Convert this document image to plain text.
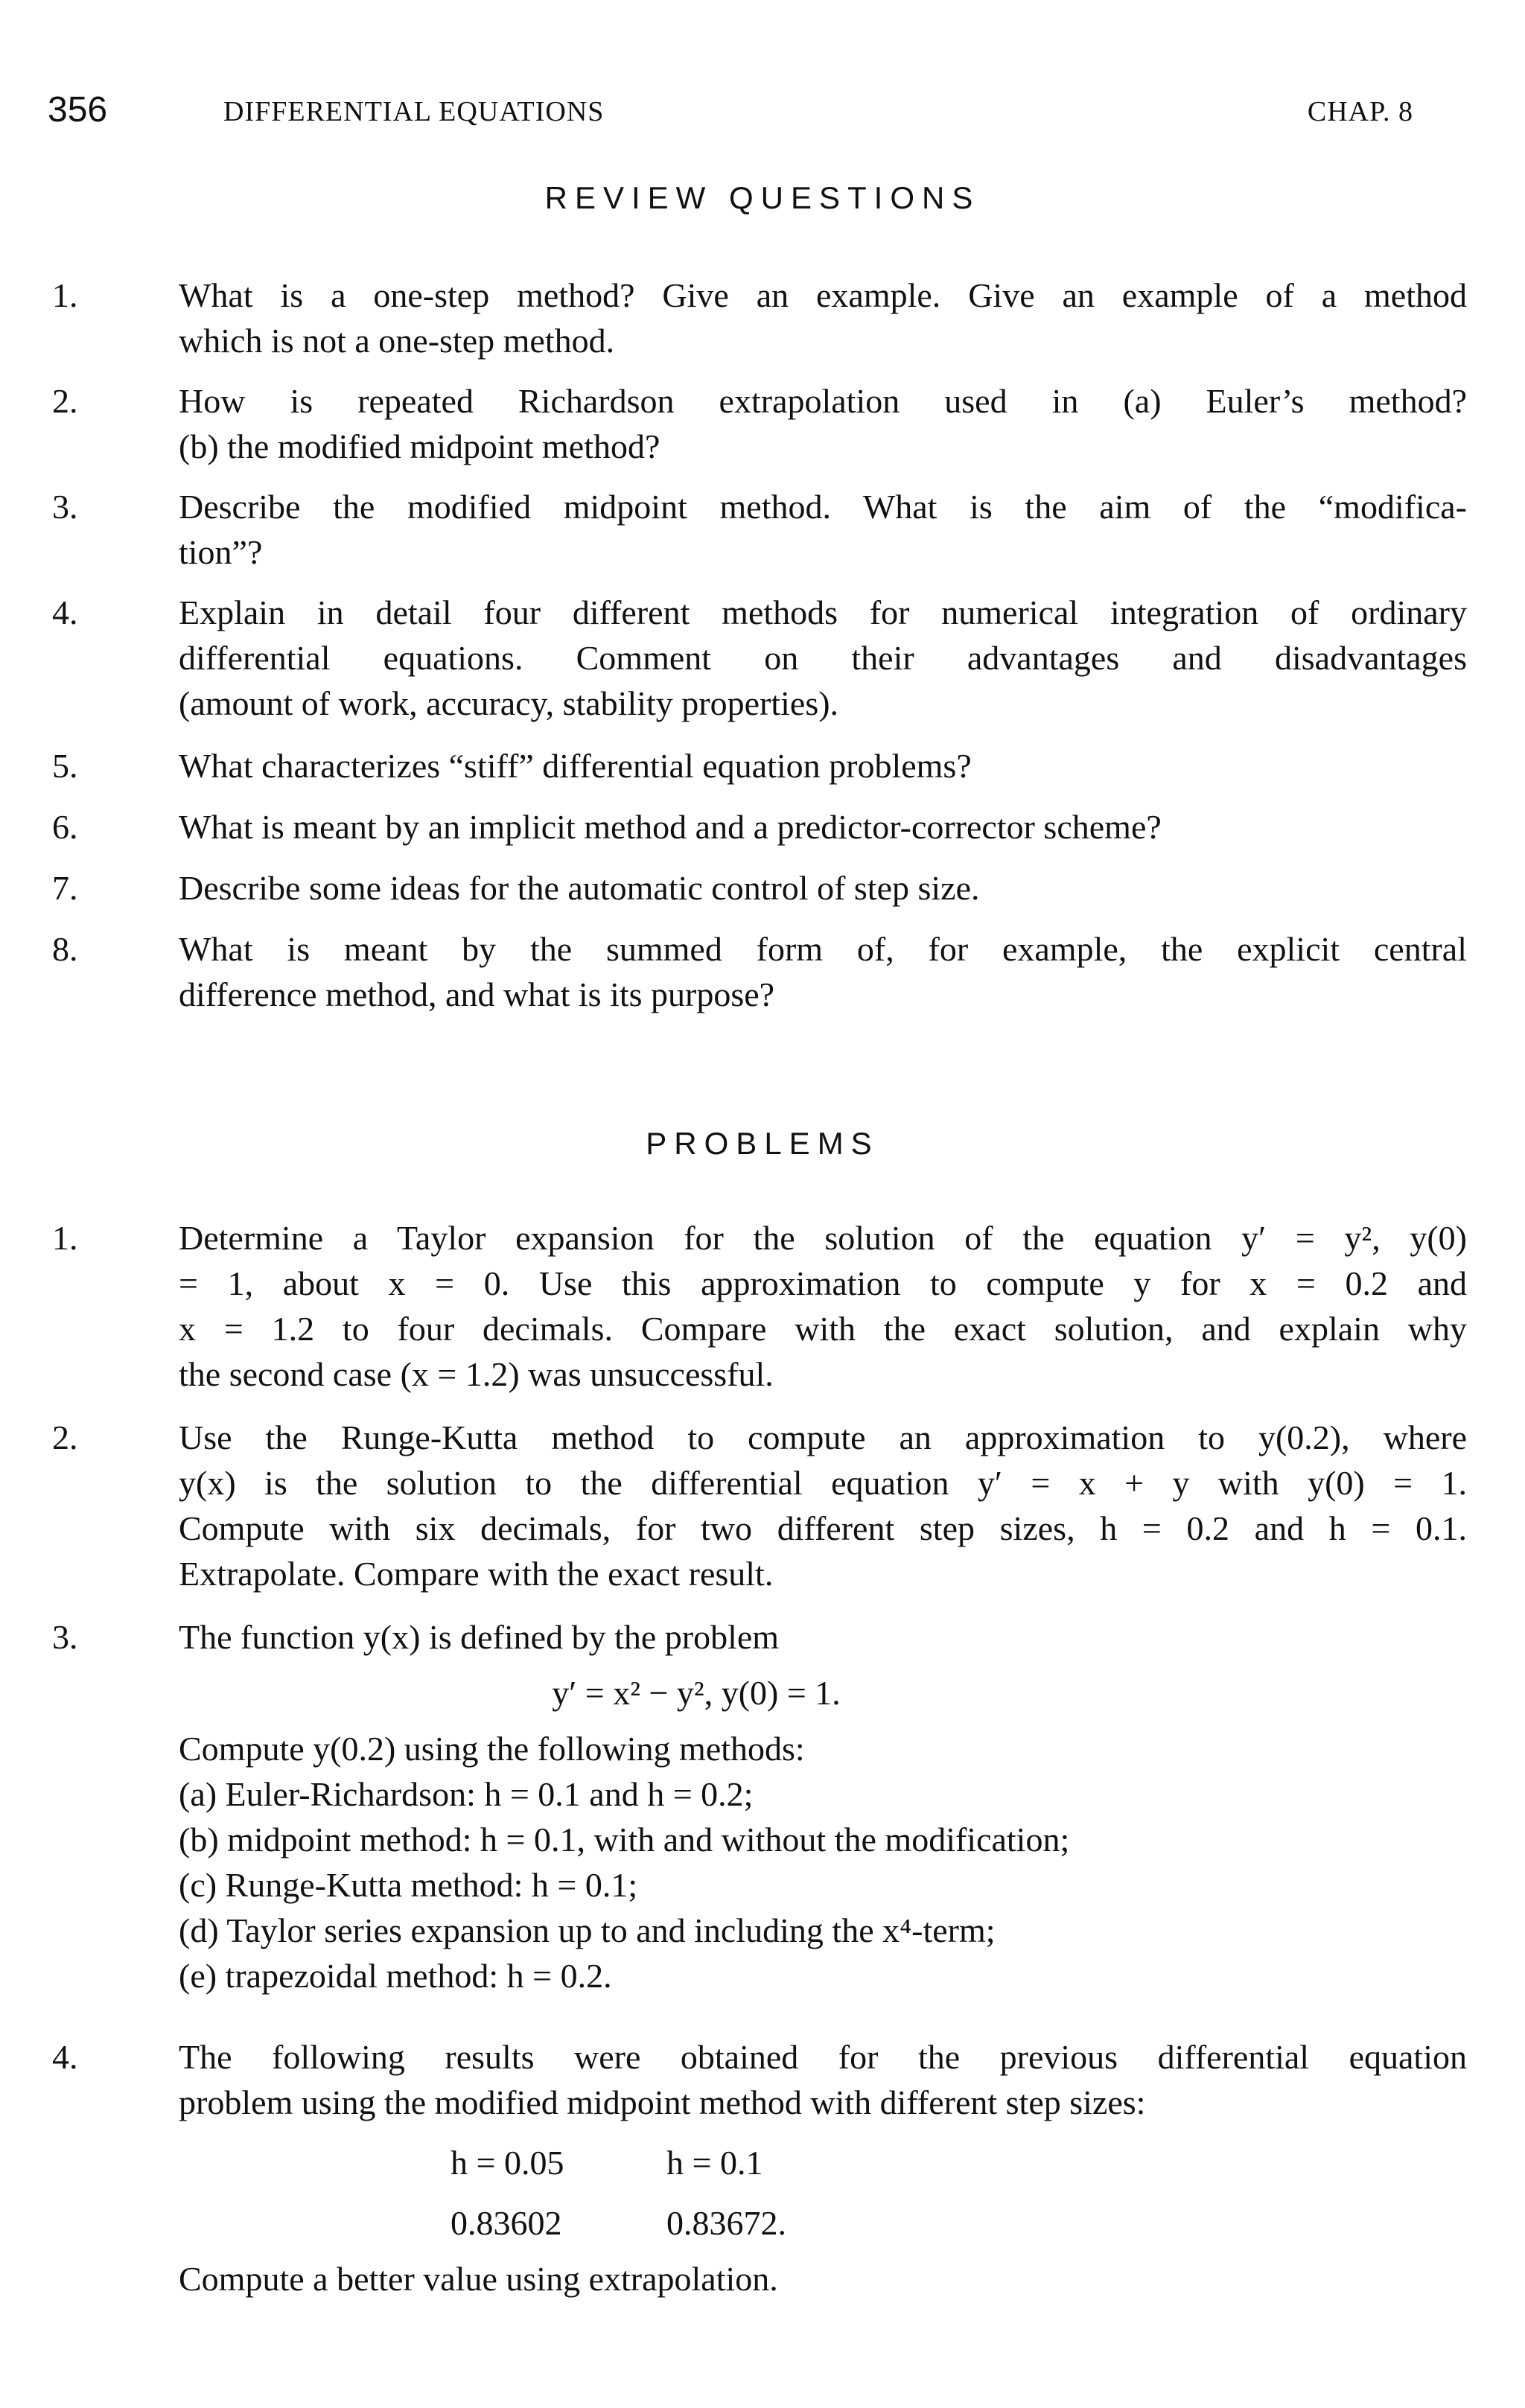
356	DIFFERENTIAL EQUATIONS	CHAP. 8
REVIEW QUESTIONS
1.	What is a one-step method? Give an example. Give an example of a method
which is not a one-step method.
2.	How is repeated Richardson extrapolation used in (a) Euler’s method?
(b) the modified midpoint method?
3.	Describe the modified midpoint method. What is the aim of the “modifica-
tion”?
4.	Explain in detail four different methods for numerical integration of ordinary
differential equations. Comment on their advantages and disadvantages
(amount of work, accuracy, stability properties).
5.	What characterizes “stiff” differential equation problems?
6.	What is meant by an implicit method and a predictor-corrector scheme?
7.	Describe some ideas for the automatic control of step size.
8.	What is meant by the summed form of, for example, the explicit central
difference method, and what is its purpose?
PROBLEMS
1.	Determine a Taylor expansion for the solution of the equation y′ = y², y(0)
= 1, about x = 0. Use this approximation to compute y for x = 0.2 and
x = 1.2 to four decimals. Compare with the exact solution, and explain why
the second case (x = 1.2) was unsuccessful.
2.	Use the Runge-Kutta method to compute an approximation to y(0.2), where
y(x) is the solution to the differential equation y′ = x + y with y(0) = 1.
Compute with six decimals, for two different step sizes, h = 0.2 and h = 0.1.
Extrapolate. Compare with the exact result.
3.	The function y(x) is defined by the problem
y′ = x² − y², y(0) = 1.
Compute y(0.2) using the following methods:
(a) Euler-Richardson: h = 0.1 and h = 0.2;
(b) midpoint method: h = 0.1, with and without the modification;
(c) Runge-Kutta method: h = 0.1;
(d) Taylor series expansion up to and including the x⁴-term;
(e) trapezoidal method: h = 0.2.
4.	The following results were obtained for the previous differential equation
problem using the modified midpoint method with different step sizes:
h = 0.05	h = 0.1
0.83602	0.83672.
Compute a better value using extrapolation.
